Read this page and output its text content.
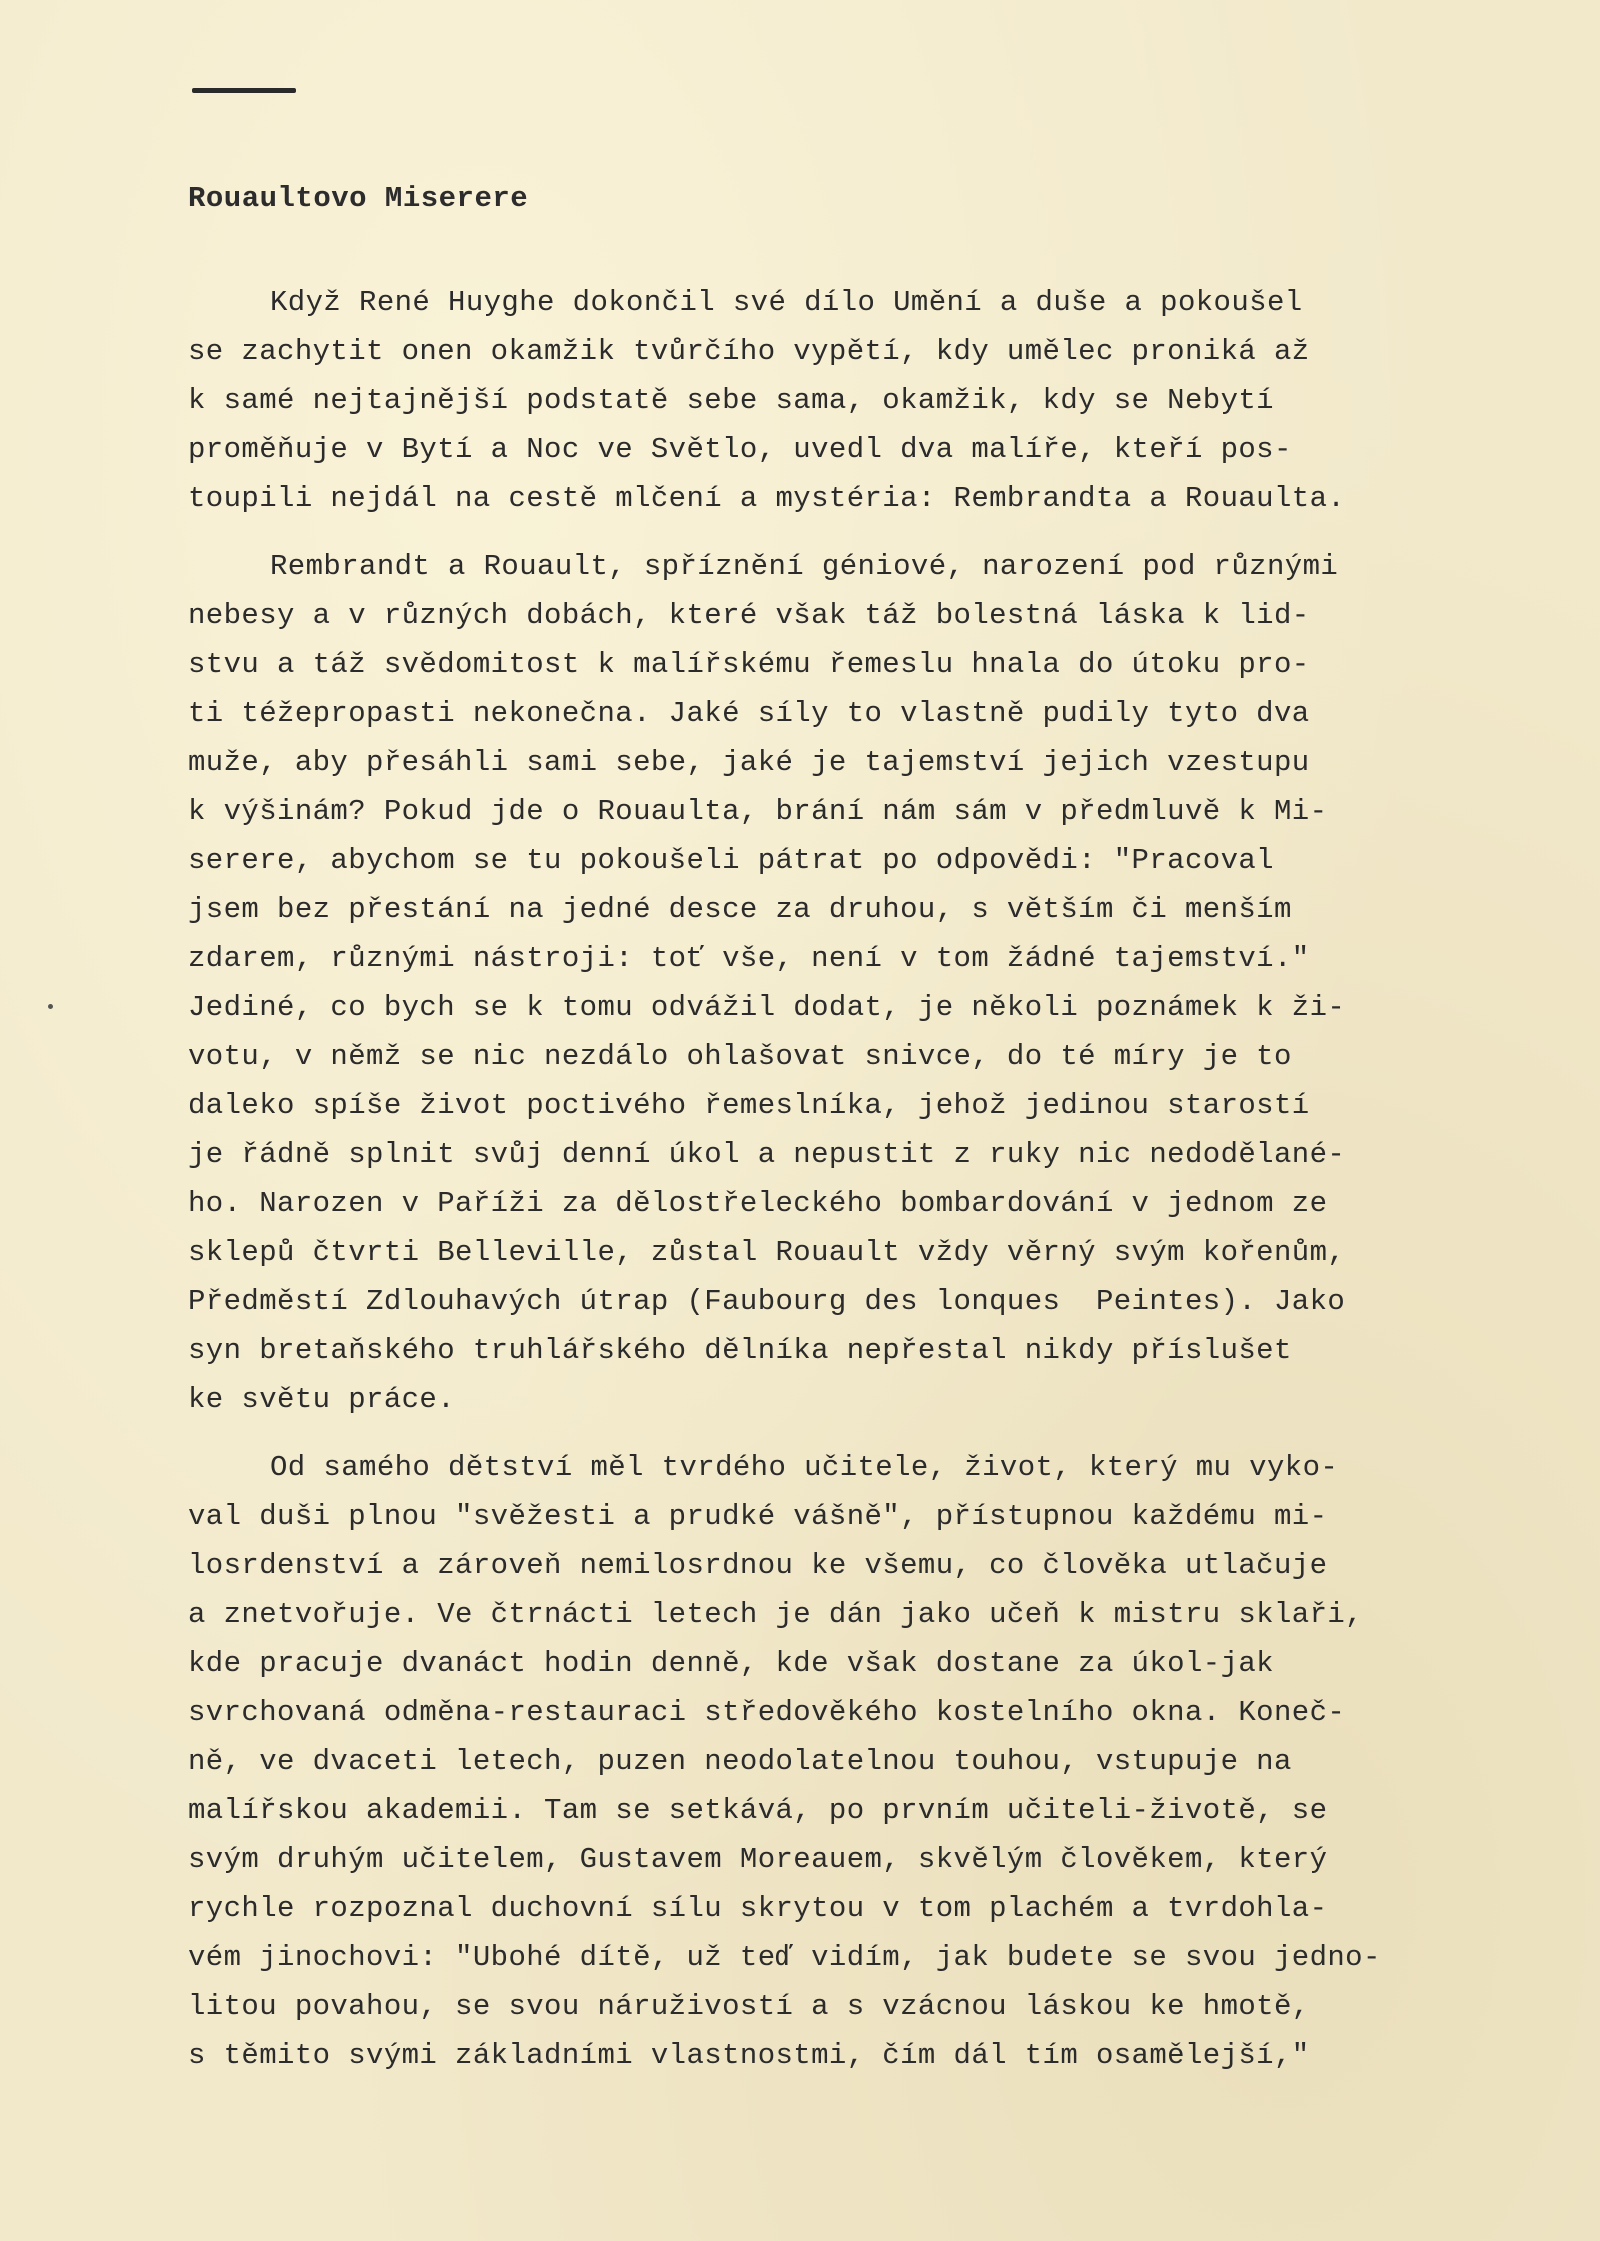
Rouaultovo Miserere
Když René Huyghe dokončil své dílo Umění a duše a pokoušel
se zachytit onen okamžik tvůrčího vypětí, kdy umělec proniká až
k samé nejtajnější podstatě sebe sama, okamžik, kdy se Nebytí
proměňuje v Bytí a Noc ve Světlo, uvedl dva malíře, kteří pos-
toupili nejdál na cestě mlčení a mystéria: Rembrandta a Rouaulta.
Rembrandt a Rouault, spříznění géniové, narození pod různými
nebesy a v různých dobách, které však táž bolestná láska k lid-
stvu a táž svědomitost k malířskému řemeslu hnala do útoku pro-
ti téžepropasti nekonečna. Jaké síly to vlastně pudily tyto dva
muže, aby přesáhli sami sebe, jaké je tajemství jejich vzestupu
k výšinám? Pokud jde o Rouaulta, brání nám sám v předmluvě k Mi-
serere, abychom se tu pokoušeli pátrat po odpovědi: "Pracoval
jsem bez přestání na jedné desce za druhou, s větším či menším
zdarem, různými nástroji: toť vše, není v tom žádné tajemství."
Jediné, co bych se k tomu odvážil dodat, je několi poznámek k ži-
votu, v němž se nic nezdálo ohlašovat snivce, do té míry je to
daleko spíše život poctivého řemeslníka, jehož jedinou starostí
je řádně splnit svůj denní úkol a nepustit z ruky nic nedodělané-
ho. Narozen v Paříži za dělostřeleckého bombardování v jednom ze
sklepů čtvrti Belleville, zůstal Rouault vždy věrný svým kořenům,
Předměstí Zdlouhavých útrap (Faubourg des lonques  Peintes). Jako
syn bretaňského truhlářského dělníka nepřestal nikdy příslušet
ke světu práce.
Od samého dětství měl tvrdého učitele, život, který mu vyko-
val duši plnou "svěžesti a prudké vášně", přístupnou každému mi-
losrdenství a zároveň nemilosrdnou ke všemu, co člověka utlačuje
a znetvořuje. Ve čtrnácti letech je dán jako učeň k mistru sklaři,
kde pracuje dvanáct hodin denně, kde však dostane za úkol-jak
svrchovaná odměna-restauraci středověkého kostelního okna. Koneč-
ně, ve dvaceti letech, puzen neodolatelnou touhou, vstupuje na
malířskou akademii. Tam se setkává, po prvním učiteli-životě, se
svým druhým učitelem, Gustavem Moreauem, skvělým člověkem, který
rychle rozpoznal duchovní sílu skrytou v tom plachém a tvrdohla-
vém jinochovi: "Ubohé dítě, už teď vidím, jak budete se svou jedno-
litou povahou, se svou náruživostí a s vzácnou láskou ke hmotě,
s těmito svými základními vlastnostmi, čím dál tím osamělejší,"
